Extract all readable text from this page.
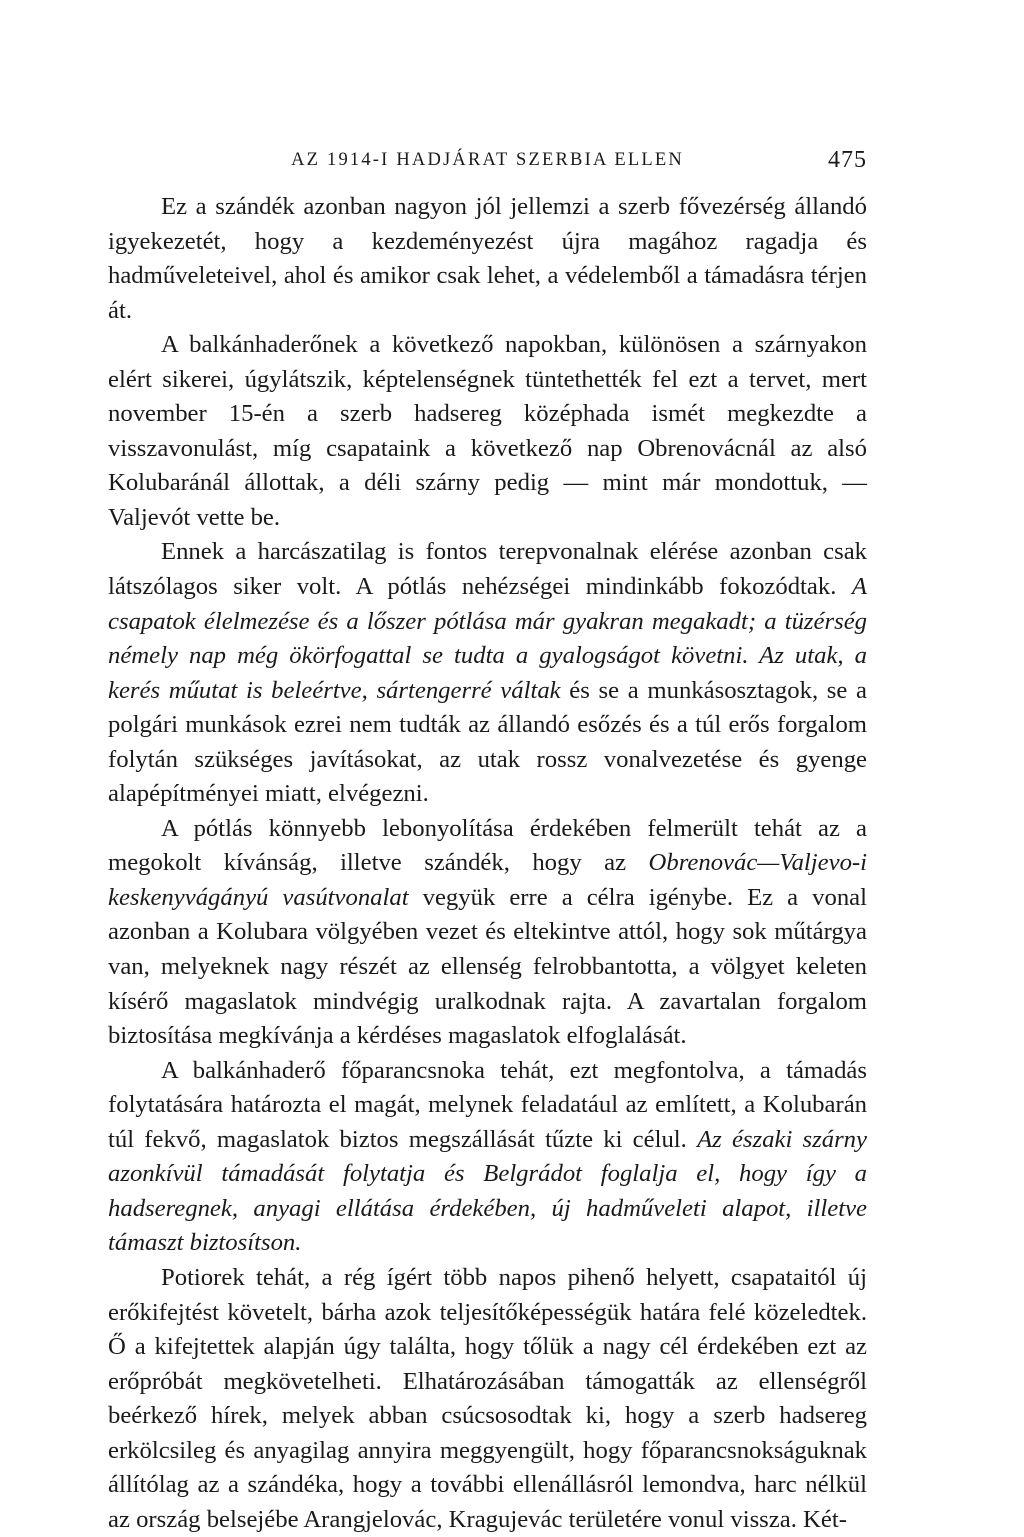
AZ 1914-I HADJÁRAT SZERBIA ELLEN	475

Ez a szándék azonban nagyon jól jellemzi a szerb fővezérség állandó igyekezetét, hogy a kezdeményezést újra magához ragadja és hadműveleteivel, ahol és amikor csak lehet, a védelemből a támadásra térjen át.

A balkánhaderőnek a következő napokban, különösen a szárnyakon elért sikerei, úgylátszik, képtelenségnek tüntethették fel ezt a tervet, mert november 15-én a szerb hadsereg középhada ismét megkezdte a visszavonulást, míg csapataink a következő nap Obrenovácnál az alsó Kolubaránál állottak, a déli szárny pedig — mint már mondottuk, — Valjevót vette be.

Ennek a harcászatilag is fontos terepvonalnak elérése azonban csak látszólagos siker volt. A pótlás nehézségei mindinkább fokozódtak. A csapatok élelmezése és a lőszer pótlása már gyakran megakadt; a tüzérség némely nap még ökörfogattal se tudta a gyalogságot követni. Az utak, a kerés műutat is beleértve, sártengerré váltak és se a munkásosztagok, se a polgári munkások ezrei nem tudták az állandó esőzés és a túl erős forgalom folytán szükséges javításokat, az utak rossz vonalvezetése és gyenge alapépítményei miatt, elvégezni.

A pótlás könnyebb lebonyolítása érdekében felmerült tehát az a megokolt kívánság, illetve szándék, hogy az Obrenovác—Valjevo-i keskenyvágányú vasútvonalat vegyük erre a célra igénybe. Ez a vonal azonban a Kolubara völgyében vezet és eltekintve attól, hogy sok műtárgya van, melyeknek nagy részét az ellenség felrobbantotta, a völgyet keleten kísérő magaslatok mindvégig uralkodnak rajta. A zavartalan forgalom biztosítása megkívánja a kérdéses magaslatok elfoglalását.

A balkánhaderő főparancsnoka tehát, ezt megfontolva, a támadás folytatására határozta el magát, melynek feladatául az említett, a Kolubarán túl fekvő, magaslatok biztos megszállását tűzte ki célul. Az északi szárny azonkívül támadását folytatja és Belgrádot foglalja el, hogy így a hadseregnek, anyagi ellátása érdekében, új hadműveleti alapot, illetve támaszt biztosítson.

Potiorek tehát, a rég ígért több napos pihenő helyett, csapataitól új erőkifejtést követelt, bárha azok teljesítőképességük határa felé közeledtek. Ő a kifejtettek alapján úgy találta, hogy tőlük a nagy cél érdekében ezt az erőpróbát megkövetelheti. Elhatározásában támogatták az ellenségről beérkező hírek, melyek abban csúcsosodtak ki, hogy a szerb hadsereg erkölcsileg és anyagilag annyira meggyengült, hogy főparancsnokságuknak állítólag az a szándéka, hogy a további ellenállásról lemondva, harc nélkül az ország belsejébe Arangjelovác, Kragujevác területére vonul vissza. Két-
